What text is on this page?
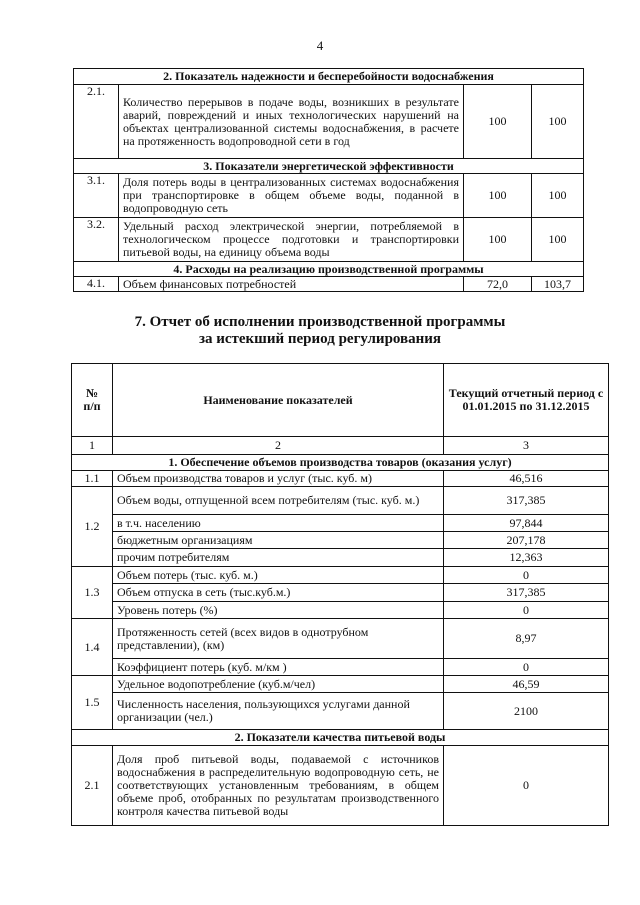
4
2. Показатель надежности и бесперебойности водоснабжения			
2.1.	Количество перерывов в подаче воды, возникших в результате аварий, повреждений и иных технологических нарушений на объектах централизованной системы водоснабжения, в расчете на протяженность водопроводной сети в год	100	100
3. Показатели энергетической эффективности			
3.1.	Доля потерь воды в централизованных системах водоснабжения при транспортировке в общем объеме воды, поданной в водопроводную сеть	100	100
3.2.	Удельный расход электрической энергии, потребляемой в технологическом процессе подготовки и транспортировки питьевой воды, на единицу объема воды	100	100
4. Расходы на реализацию производственной программы			
4.1.	Объем финансовых потребностей	72,0	103,7
7. Отчет об исполнении производственной программы
за истекший период регулирования
№ п/п	Наименование показателей	Текущий отчетный период с 01.01.2015 по 31.12.2015
1	2	3
1. Обеспечение объемов производства товаров (оказания услуг)		
1.1	Объем производства товаров и услуг (тыс. куб. м)	46,516
1.2	Объем воды, отпущенной всем потребителям (тыс. куб. м.)	317,385
	в т.ч. населению	97,844
	бюджетным организациям	207,178
	прочим потребителям	12,363
1.3	Объем потерь (тыс. куб. м.)	0
	Объем отпуска в сеть (тыс.куб.м.)	317,385
	Уровень потерь (%)	0
1.4	Протяженность сетей (всех видов в однотрубном представлении), (км)	8,97
	Коэффициент потерь (куб. м/км )	0
1.5	Удельное водопотребление (куб.м/чел)	46,59
	Численность населения, пользующихся услугами данной организации (чел.)	2100
2. Показатели качества питьевой воды		
2.1	Доля проб питьевой воды, подаваемой с источников водоснабжения в распределительную водопроводную сеть, не соответствующих установленным требованиям, в общем объеме проб, отобранных по результатам производственного контроля качества питьевой воды	0
